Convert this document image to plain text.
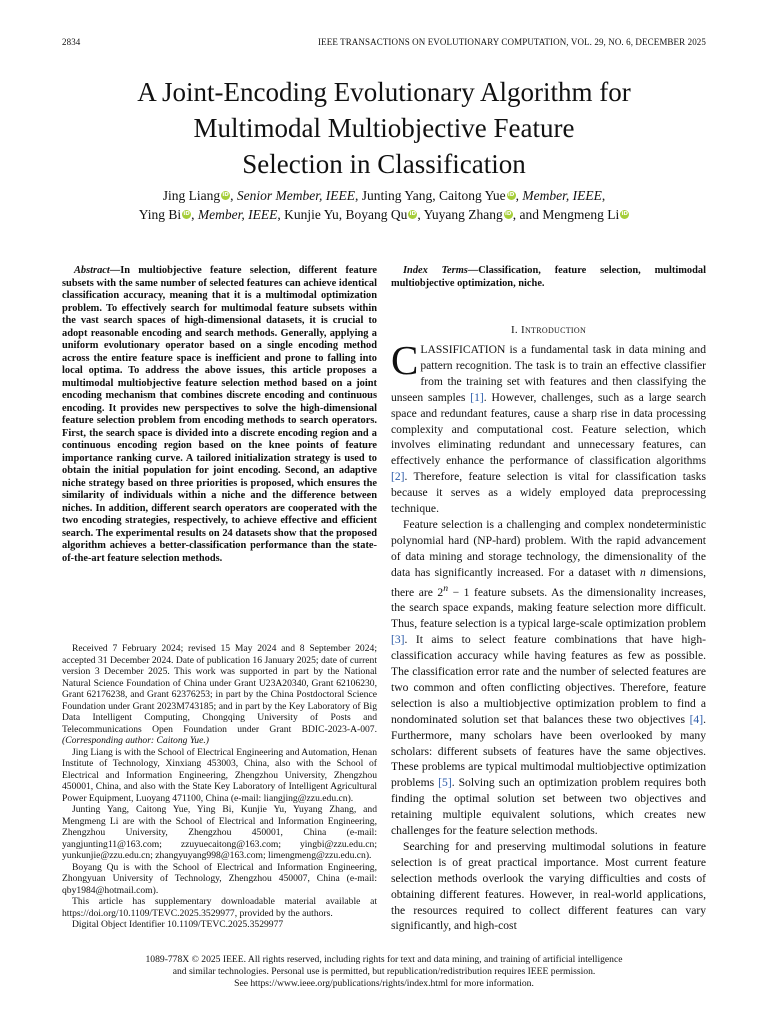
2834	IEEE TRANSACTIONS ON EVOLUTIONARY COMPUTATION, VOL. 29, NO. 6, DECEMBER 2025
A Joint-Encoding Evolutionary Algorithm for
Multimodal Multiobjective Feature
Selection in Classification
Jing Liang iD, Senior Member, IEEE, Junting Yang, Caitong Yue iD, Member, IEEE,
Ying Bi iD, Member, IEEE, Kunjie Yu, Boyang Qu iD, Yuyang Zhang iD, and Mengmeng Li iD

Abstract—In multiobjective feature selection, different feature subsets with the same number of selected features can achieve identical classification accuracy, meaning that it is a multimodal optimization problem. To effectively search for multimodal feature subsets within the vast search spaces of high-dimensional datasets, it is crucial to adopt reasonable encoding and search methods. Generally, applying a uniform evolutionary operator based on a single encoding method across the entire feature space is inefficient and prone to falling into local optima. To address the above issues, this article proposes a multimodal multiobjective feature selection method based on a joint encoding mechanism that combines discrete encoding and continuous encoding. It provides new perspectives to solve the high-dimensional feature selection problem from encoding methods to search operators. First, the search space is divided into a discrete encoding region and a continuous encoding region based on the knee points of feature importance ranking curve. A tailored initialization strategy is used to obtain the initial population for joint encoding. Second, an adaptive niche strategy based on three priorities is proposed, which ensures the similarity of individuals within a niche and the difference between niches. In addition, different search operators are cooperated with the two encoding strategies, respectively, to achieve effective and efficient search. The experimental results on 24 datasets show that the proposed algorithm achieves a better-classification performance than the state-of-the-art feature selection methods.

Received 7 February 2024; revised 15 May 2024 and 8 September 2024; accepted 31 December 2024. Date of publication 16 January 2025; date of current version 3 December 2025. This work was supported in part by the National Natural Science Foundation of China under Grant U23A20340, Grant 62106230, Grant 62176238, and Grant 62376253; in part by the China Postdoctoral Science Foundation under Grant 2023M743185; and in part by the Key Laboratory of Big Data Intelligent Computing, Chongqing University of Posts and Telecommunications Open Foundation under Grant BDIC-2023-A-007. (Corresponding author: Caitong Yue.)

Jing Liang is with the School of Electrical Engineering and Automation, Henan Institute of Technology, Xinxiang 453003, China, also with the School of Electrical and Information Engineering, Zhengzhou University, Zhengzhou 450001, China, and also with the State Key Laboratory of Intelligent Agricultural Power Equipment, Luoyang 471100, China (e-mail: liangjing@zzu.edu.cn).

Junting Yang, Caitong Yue, Ying Bi, Kunjie Yu, Yuyang Zhang, and Mengmeng Li are with the School of Electrical and Information Engineering, Zhengzhou University, Zhengzhou 450001, China (e-mail: yangjunting11@163.com; zzuyuecaitong@163.com; yingbi@zzu.edu.cn; yunkunjie@zzu.edu.cn; zhangyuyang998@163.com; limengmeng@zzu.edu.cn).

Boyang Qu is with the School of Electrical and Information Engineering, Zhongyuan University of Technology, Zhengzhou 450007, China (e-mail: qby1984@hotmail.com).

This article has supplementary downloadable material available at https://doi.org/10.1109/TEVC.2025.3529977, provided by the authors.

Digital Object Identifier 10.1109/TEVC.2025.3529977

Index Terms—Classification, feature selection, multimodal multiobjective optimization, niche.

I. Introduction

CLASSIFICATION is a fundamental task in data mining and pattern recognition. The task is to train an effective classifier from the training set with features and then classifying the unseen samples [1]. However, challenges, such as a large search space and redundant features, cause a sharp rise in data processing complexity and computational cost. Feature selection, which involves eliminating redundant and unnecessary features, can effectively enhance the performance of classification algorithms [2]. Therefore, feature selection is vital for classification tasks because it serves as a widely employed data preprocessing technique.

Feature selection is a challenging and complex nondeterministic polynomial hard (NP-hard) problem. With the rapid advancement of data mining and storage technology, the dimensionality of the data has significantly increased. For a dataset with n dimensions, there are $2^n - 1$ feature subsets. As the dimensionality increases, the search space expands, making feature selection more difficult. Thus, feature selection is a typical large-scale optimization problem [3]. It aims to select feature combinations that have high-classification accuracy while having features as few as possible. The classification error rate and the number of selected features are two common and often conflicting objectives. Therefore, feature selection is also a multiobjective optimization problem to find a nondominated solution set that balances these two objectives [4]. Furthermore, many scholars have been overlooked by many scholars: different subsets of features have the same objectives. These problems are typical multimodal multiobjective optimization problems [5]. Solving such an optimization problem requires both finding the optimal solution set between two objectives and retaining multiple equivalent solutions, which creates new challenges for the feature selection methods.

Searching for and preserving multimodal solutions in feature selection is of great practical importance. Most current feature selection methods overlook the varying difficulties and costs of obtaining different features. However, in real-world applications, the resources required to collect different features can vary significantly, and high-cost

1089-778X © 2025 IEEE. All rights reserved, including rights for text and data mining, and training of artificial intelligence
and similar technologies. Personal use is permitted, but republication/redistribution requires IEEE permission.
See https://www.ieee.org/publications/rights/index.html for more information.
